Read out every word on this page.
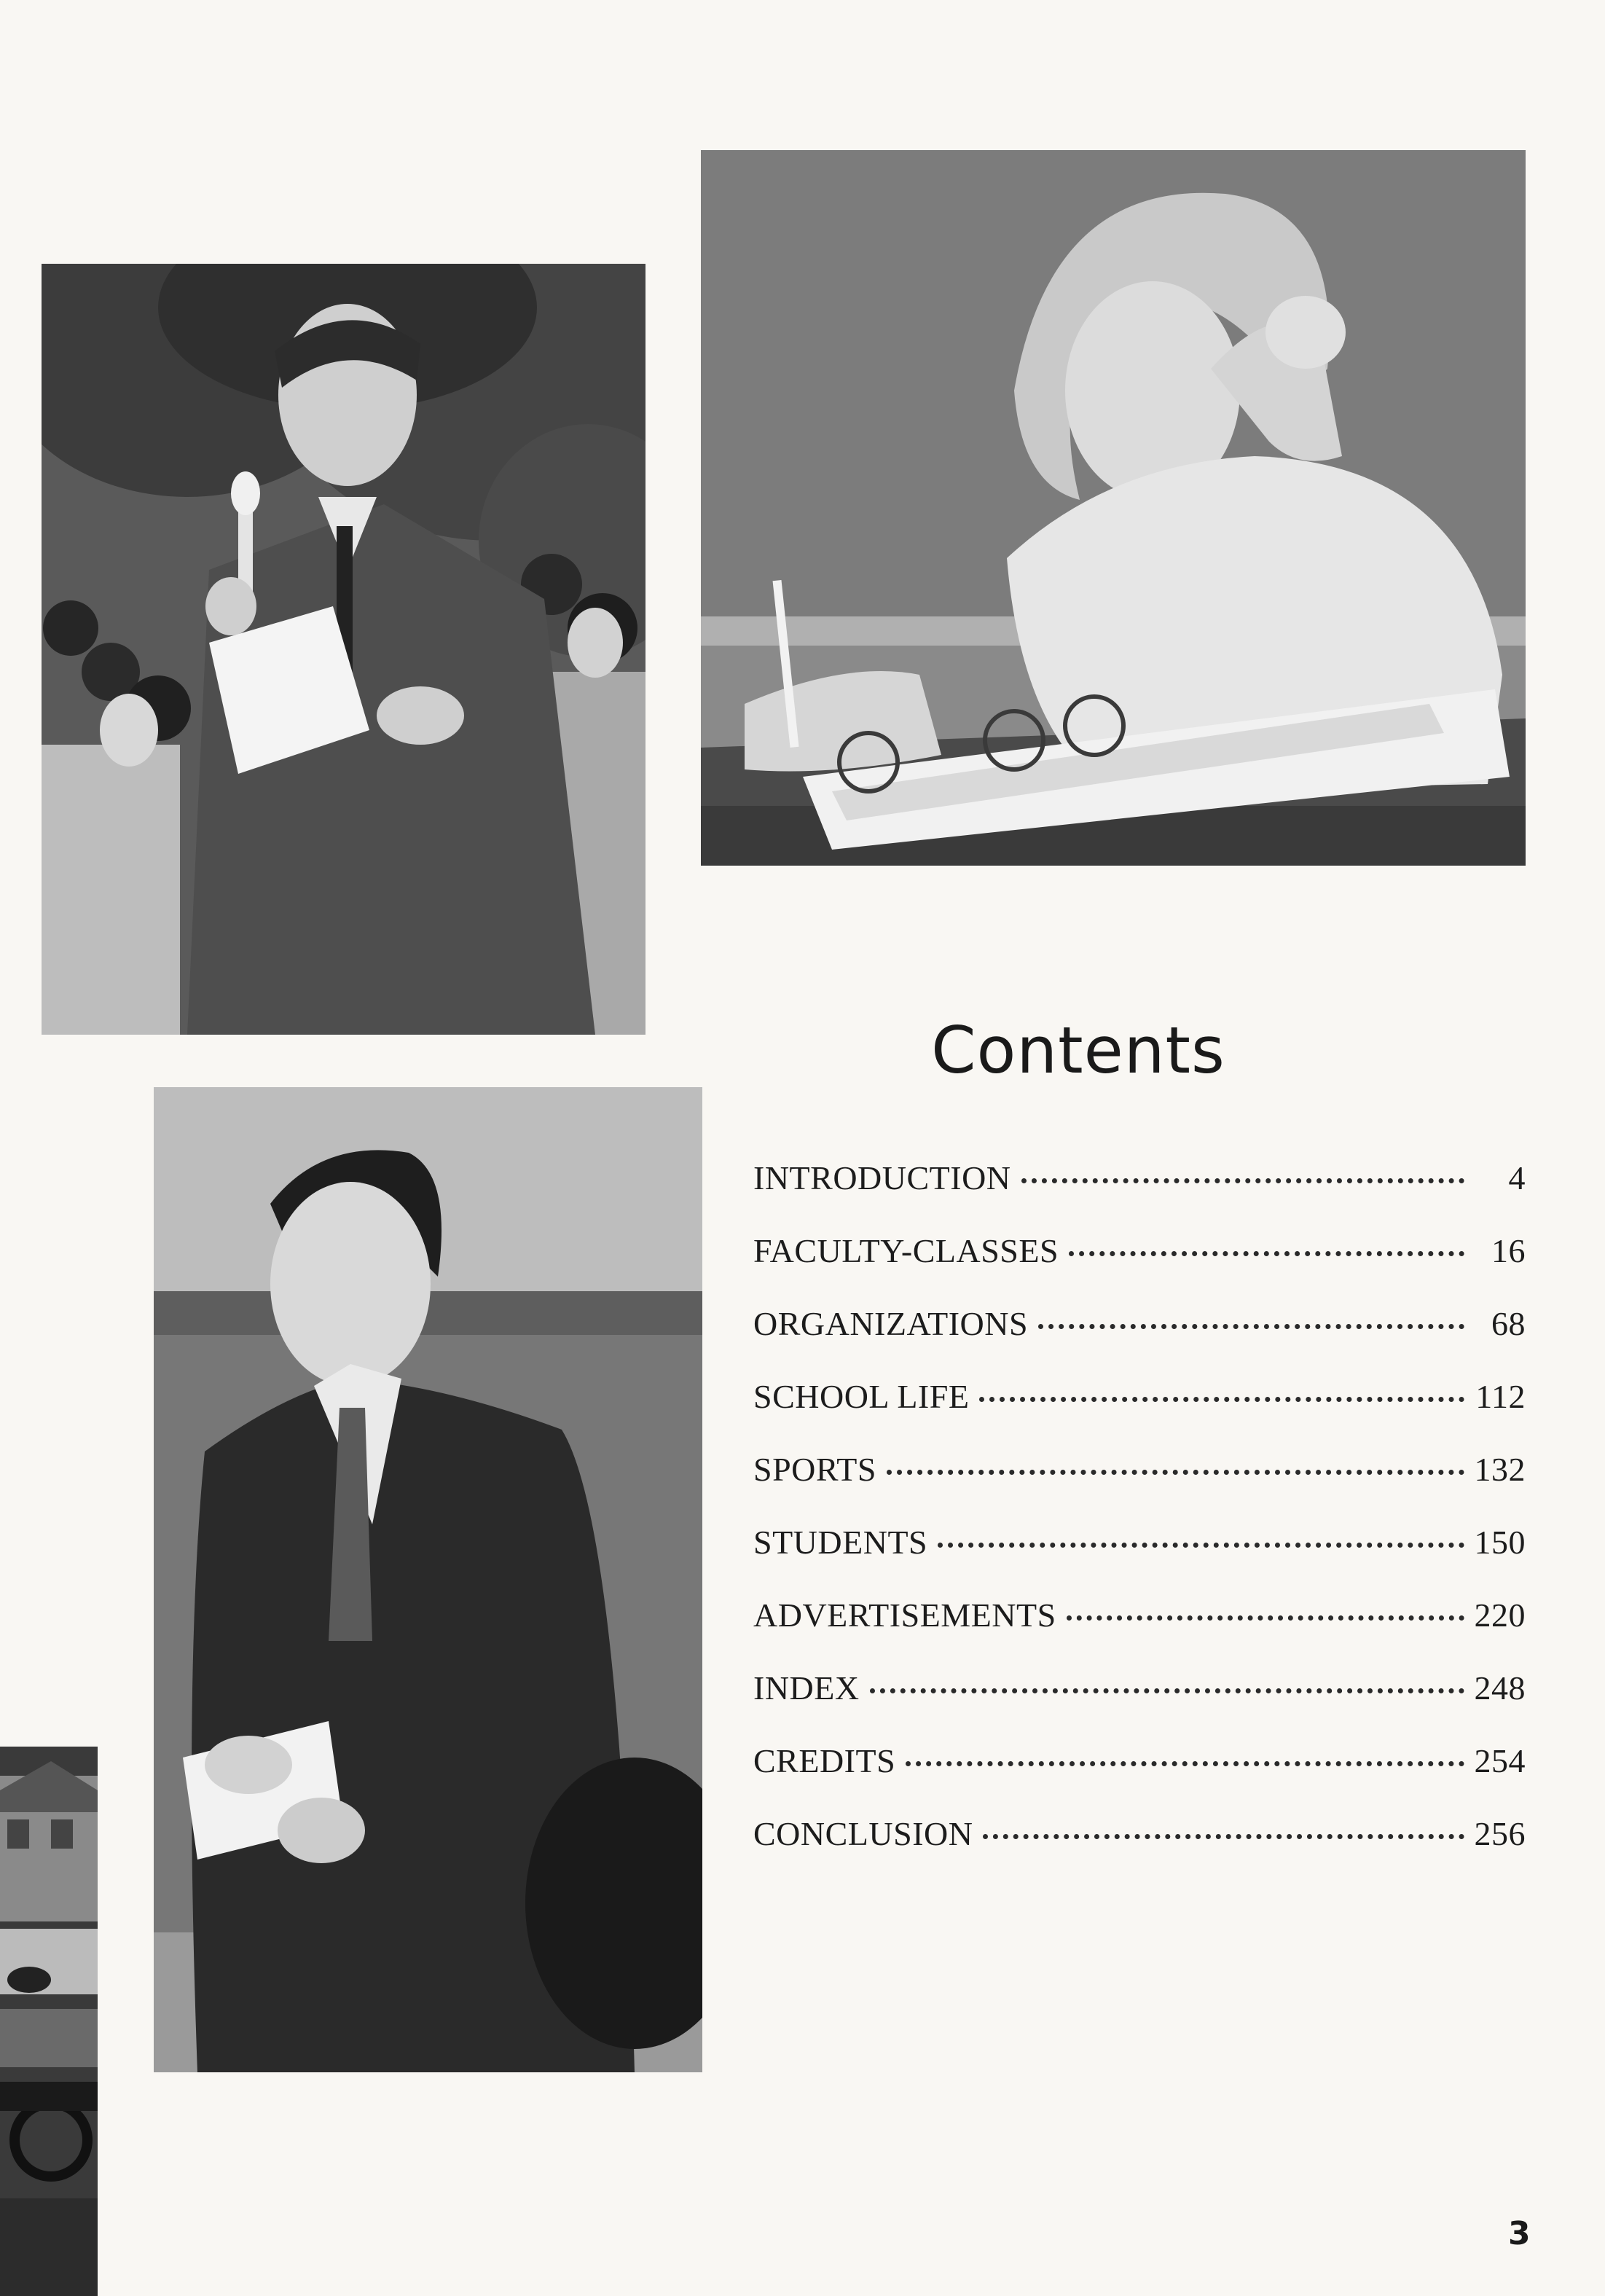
Contents
INTRODUCTION	4
FACULTY-CLASSES	16
ORGANIZATIONS	68
SCHOOL LIFE	112
SPORTS	132
STUDENTS	150
ADVERTISEMENTS	220
INDEX	248
CREDITS	254
CONCLUSION	256
3
